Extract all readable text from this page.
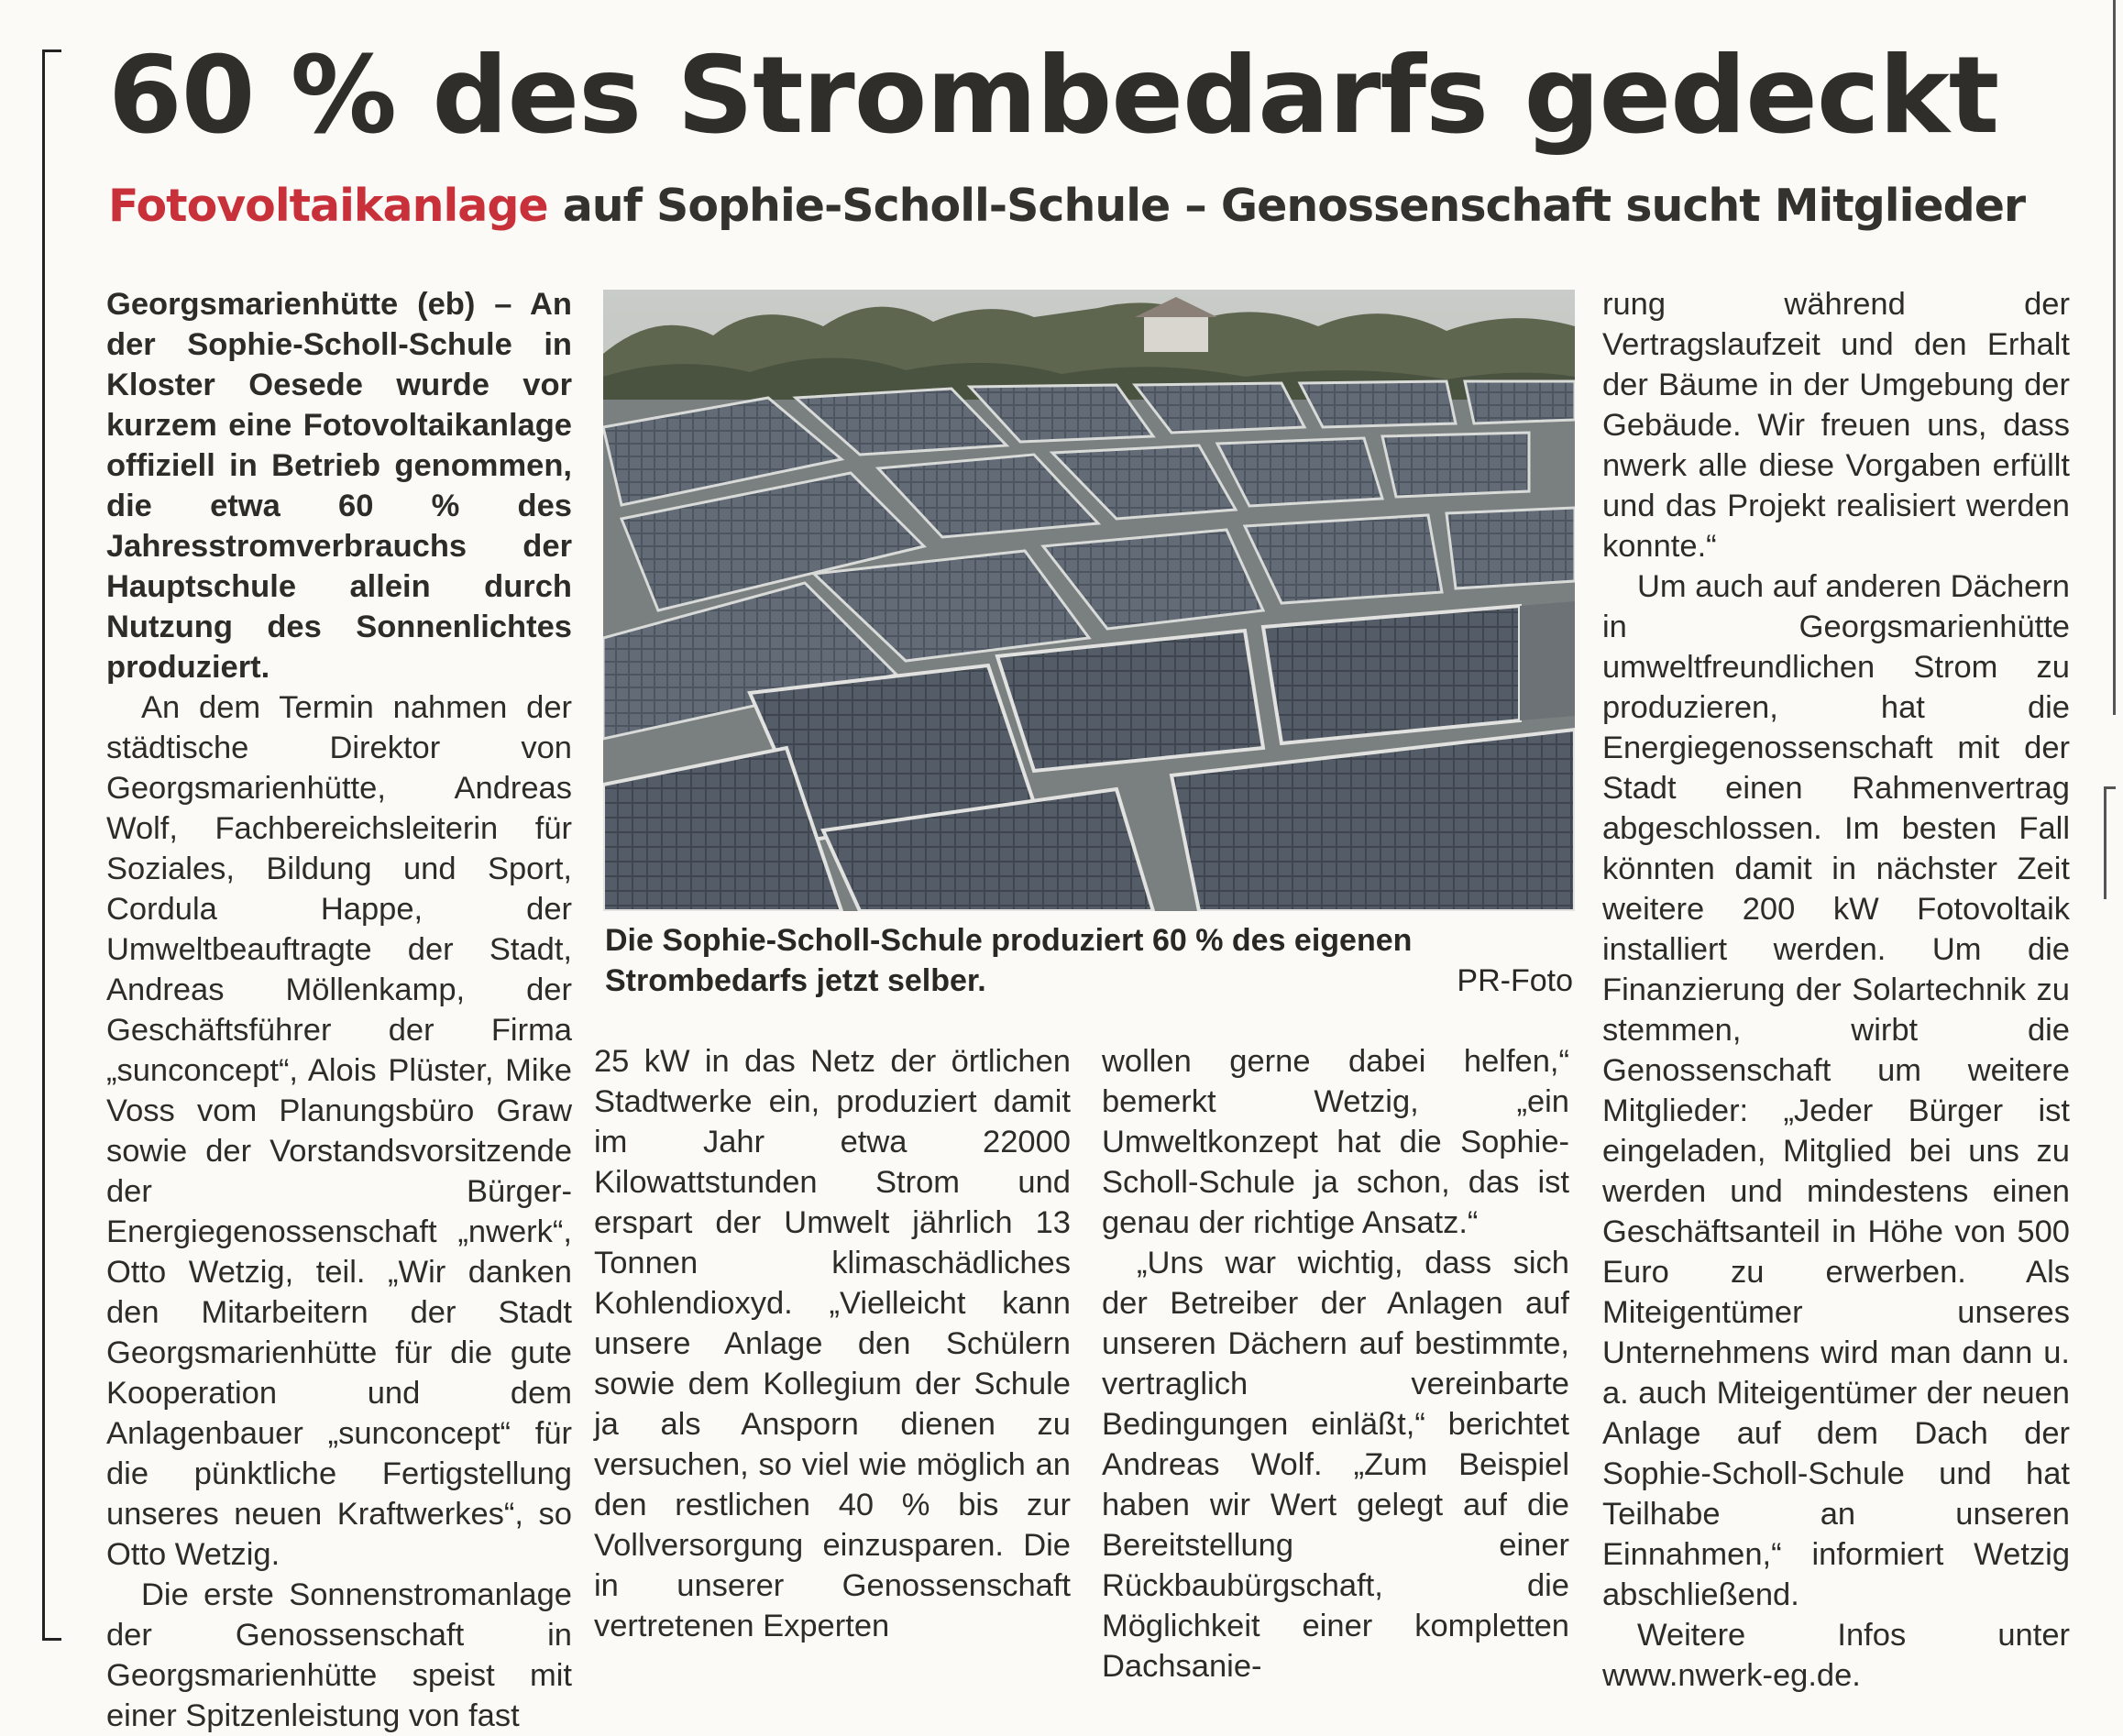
60 % des Strombedarfs gedeckt
Fotovoltaikanlage auf Sophie-Scholl-Schule – Genossenschaft sucht Mitglieder

Georgsmarienhütte (eb) – An der Sophie-Scholl-Schule in Kloster Oesede wurde vor kurzem eine Fotovoltaikanlage offiziell in Betrieb genommen, die etwa 60 % des Jahresstromverbrauchs der Hauptschule allein durch Nutzung des Sonnenlichtes produziert.

An dem Termin nahmen der städtische Direktor von Georgsmarienhütte, Andreas Wolf, Fachbereichsleiterin für Soziales, Bildung und Sport, Cordula Happe, der Umweltbeauftragte der Stadt, Andreas Möllenkamp, der Geschäftsführer der Firma „sunconcept“, Alois Plüster, Mike Voss vom Planungsbüro Graw sowie der Vorstandsvorsitzende der Bürger-Energiegenossenschaft „nwerk“, Otto Wetzig, teil. „Wir danken den Mitarbeitern der Stadt Georgsmarienhütte für die gute Kooperation und dem Anlagenbauer „sunconcept“ für die pünktliche Fertigstellung unseres neuen Kraftwerkes“, so Otto Wetzig.

Die erste Sonnenstromanlage der Genossenschaft in Georgsmarienhütte speist mit einer Spitzenleistung von fast

Die Sophie-Scholl-Schule produziert 60 % des eigenen Strombedarfs jetzt selber.	PR-Foto

25 kW in das Netz der örtlichen Stadtwerke ein, produziert damit im Jahr etwa 22000 Kilowattstunden Strom und erspart der Umwelt jährlich 13 Tonnen klimaschädliches Kohlendioxyd. „Vielleicht kann unsere Anlage den Schülern sowie dem Kollegium der Schule ja als Ansporn dienen zu versuchen, so viel wie möglich an den restlichen 40 % bis zur Vollversorgung einzusparen. Die in unserer Genossenschaft vertretenen Experten

wollen gerne dabei helfen,“ bemerkt Wetzig, „ein Umweltkonzept hat die Sophie-Scholl-Schule ja schon, das ist genau der richtige Ansatz.“

„Uns war wichtig, dass sich der Betreiber der Anlagen auf unseren Dächern auf bestimmte, vertraglich vereinbarte Bedingungen einläßt,“ berichtet Andreas Wolf. „Zum Beispiel haben wir Wert gelegt auf die Bereitstellung einer Rückbaubürgschaft, die Möglichkeit einer kompletten Dachsanie-

rung während der Vertragslaufzeit und den Erhalt der Bäume in der Umgebung der Gebäude. Wir freuen uns, dass nwerk alle diese Vorgaben erfüllt und das Projekt realisiert werden konnte.“

Um auch auf anderen Dächern in Georgsmarienhütte umweltfreundlichen Strom zu produzieren, hat die Energiegenossenschaft mit der Stadt einen Rahmenvertrag abgeschlossen. Im besten Fall könnten damit in nächster Zeit weitere 200 kW Fotovoltaik installiert werden. Um die Finanzierung der Solartechnik zu stemmen, wirbt die Genossenschaft um weitere Mitglieder: „Jeder Bürger ist eingeladen, Mitglied bei uns zu werden und mindestens einen Geschäftsanteil in Höhe von 500 Euro zu erwerben. Als Miteigentümer unseres Unternehmens wird man dann u. a. auch Miteigentümer der neuen Anlage auf dem Dach der Sophie-Scholl-Schule und hat Teilhabe an unseren Einnahmen,“ informiert Wetzig abschließend.

Weitere Infos unter www.nwerk-eg.de.
